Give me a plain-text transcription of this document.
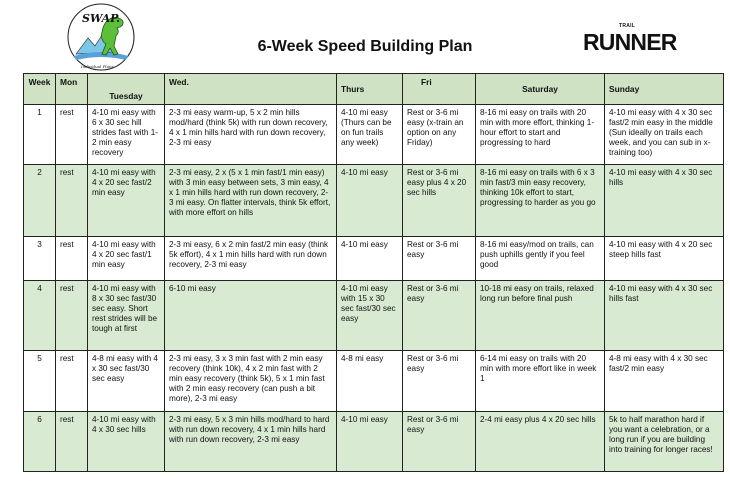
SWAP
Individual Plans
6-Week Speed Building Plan
TRAIL
RUNNER
Week	Mon	Tuesday	Wed.	Thurs	Fri	Saturday	Sunday
1	rest	4-10 mi easy with 6 x 30 sec hill strides fast with 1-2 min easy recovery	2-3 mi easy warm-up, 5 x 2 min hills mod/hard (think 5k) with run down recovery, 4 x 1 min hills hard with run down recovery, 2-3 mi easy	4-10 mi easy (Thurs can be on fun trails any week)	Rest or 3-6 mi easy (x-train an option on any Friday)	8-16 mi easy on trails with 20 min with more effort, thinking 1-hour effort to start and progressing to hard	4-10 mi easy with 4 x 30 sec fast/2 min easy in the middle (Sun ideally on trails each week, and you can sub in x-training too)
2	rest	4-10 mi easy with 4 x 20 sec fast/2 min easy	2-3 mi easy, 2 x (5 x 1 min fast/1 min easy) with 3 min easy between sets, 3 min easy, 4 x 1 min hills hard with run down recovery, 2-3 mi easy. On flatter intervals, think 5k effort, with more effort on hills	4-10 mi easy	Rest or 3-6 mi easy plus 4 x 20 sec hills	8-16 mi easy on trails with 6 x 3 min fast/3 min easy recovery, thinking 10k effort to start, progressing to harder as you go	4-10 mi easy with 4 x 30 sec hills
3	rest	4-10 mi easy with 4 x 20 sec fast/1 min easy	2-3 mi easy, 6 x 2 min fast/2 min easy (think 5k effort), 4 x 1 min hills hard with run down recovery, 2-3 mi easy	4-10 mi easy	Rest or 3-6 mi easy	8-16 mi easy/mod on trails, can push uphills gently if you feel good	4-10 mi easy with 4 x 20 sec steep hills fast
4	rest	4-10 mi easy with 8 x 30 sec fast/30 sec easy. Short rest strides will be tough at first	6-10 mi easy	4-10 mi easy with 15 x 30 sec fast/30 sec easy	Rest or 3-6 mi easy	10-18 mi easy on trails, relaxed long run before final push	4-10 mi easy with 4 x 30 sec hills fast
5	rest	4-8 mi easy with 4 x 30 sec fast/30 sec easy	2-3 mi easy, 3 x 3 min fast with 2 min easy recovery (think 10k), 4 x 2 min fast with 2 min easy recovery (think 5k), 5 x 1 min fast with 2 min easy recovery (can push a bit more), 2-3 mi easy	4-8 mi easy	Rest or 3-6 mi easy	6-14 mi easy on trails with 20 min with more effort like in week 1	4-8 mi easy with 4 x 30 sec fast/2 min easy
6	rest	4-10 mi easy with 4 x 30 sec hills	2-3 mi easy, 5 x 3 min hills mod/hard to hard with run down recovery, 4 x 1 min hills hard with run down recovery, 2-3 mi easy	4-10 mi easy	Rest or 3-6 mi easy	2-4 mi easy plus 4 x 20 sec hills	5k to half marathon hard if you want a celebration, or a long run if you are building into training for longer races!
